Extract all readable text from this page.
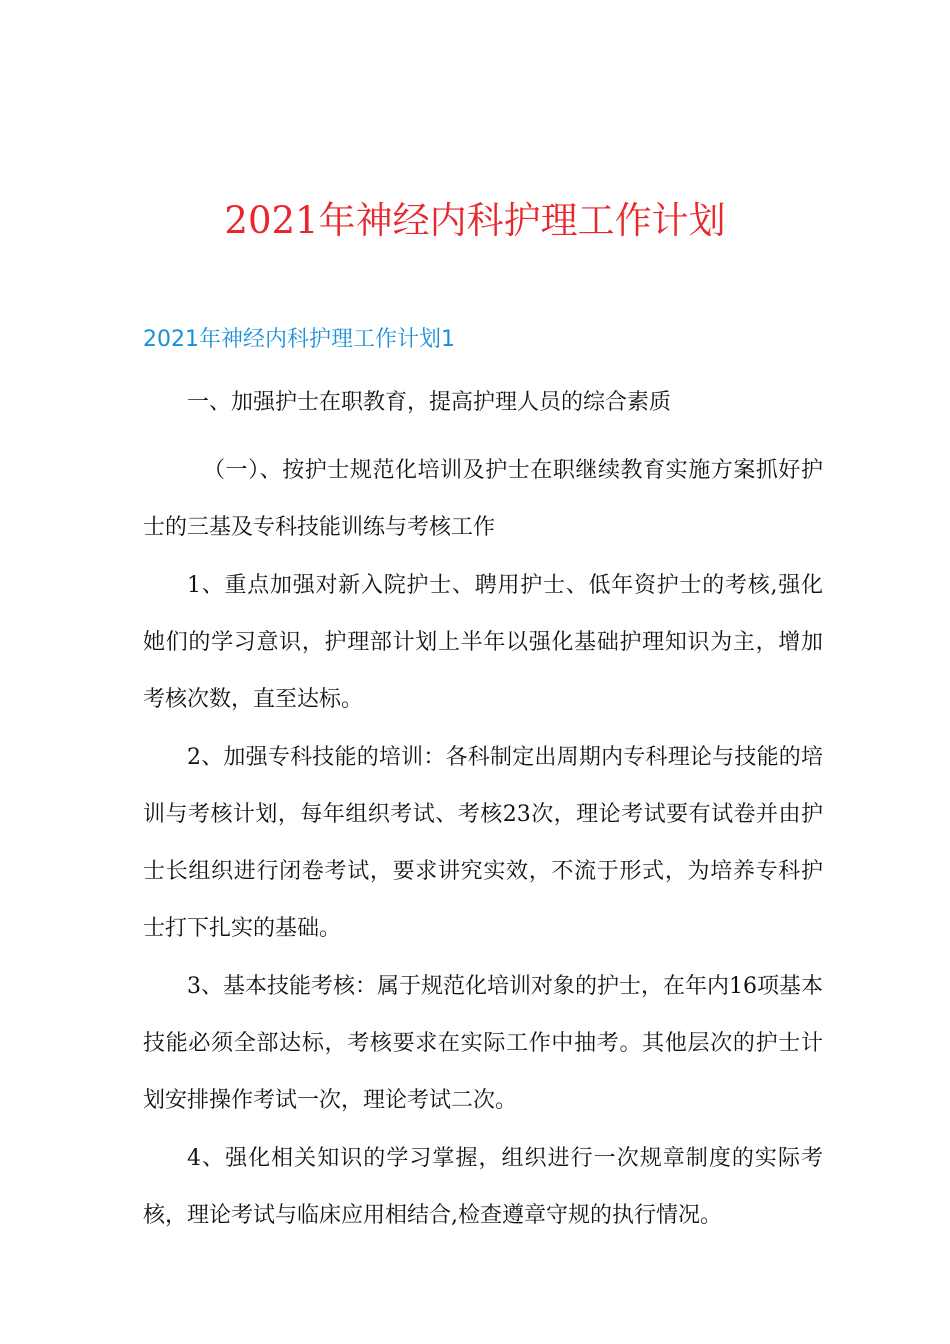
2021年神经内科护理工作计划
2021年神经内科护理工作计划1

一、加强护士在职教育，提高护理人员的综合素质

（一）、按护士规范化培训及护士在职继续教育实施方案抓好护士的三基及专科技能训练与考核工作

1、重点加强对新入院护士、聘用护士、低年资护士的考核,强化她们的学习意识，护理部计划上半年以强化基础护理知识为主，增加考核次数，直至达标。

2、加强专科技能的培训：各科制定出周期内专科理论与技能的培训与考核计划，每年组织考试、考核23次，理论考试要有试卷并由护士长组织进行闭卷考试，要求讲究实效，不流于形式，为培养专科护士打下扎实的基础。

3、基本技能考核：属于规范化培训对象的护士，在年内16项基本技能必须全部达标，考核要求在实际工作中抽考。其他层次的护士计划安排操作考试一次，理论考试二次。

4、强化相关知识的学习掌握，组织进行一次规章制度的实际考核，理论考试与临床应用相结合,检查遵章守规的执行情况。
